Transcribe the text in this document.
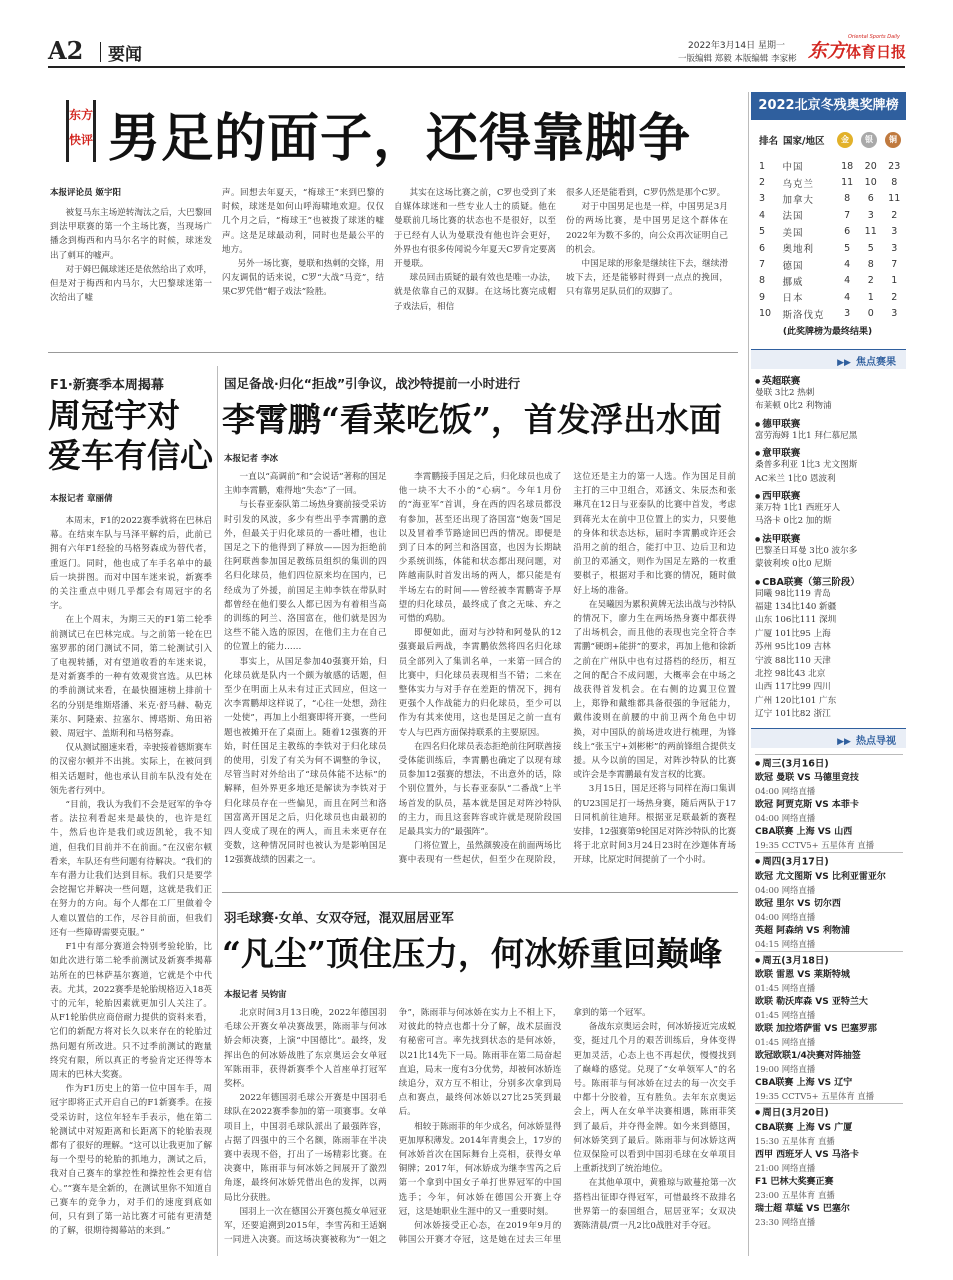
A2 要闻	2022年3月14日 星期一
一版编辑 郑毅 本版编辑 李家彬 东方体育日报
Oriental Sports Daily
东方
快评 男足的面子，还得靠脚争
本报评论员 姬宇阳

被复马东主场逆转淘汰之后，大巴黎回到法甲联赛的第一个主场比赛，当现场广播念到梅西和内马尔名字的时候，球迷发出了刺耳的嘘声。

对于姆巴佩球迷还是依然给出了欢呼，但是对于梅西和内马尔，大巴黎球迷第一次给出了嘘

声。回想去年夏天，“梅球王”来到巴黎的时候，球迷是如何山呼海啸地欢迎。仅仅几个月之后，“梅球王”也被拨了球迷的嘘声。这是足球最动利，同时也是最公平的地方。

另外一场比赛，曼联和热刺的交锋，用闪友调侃的话来说，C罗“大战”马竞”，结果C罗凭借“帽子戏法”险胜。

其实在这场比赛之前，C罗也受到了来自媒体球迷和一些专业人士的质疑。他在曼联前几场比赛的状态也不是很好，以至于已经有人认为曼联没有他也许会更好，外界也有很多传闻说今年夏天C罗肯定要离开曼联。

球员回击质疑的最有效也是唯一办法，就是依靠自己的双脚。在这场比赛完成帽子戏法后，相信

很多人还是能看到，C罗仍然是那个C罗。

对于中国男足也是一样，中国男足3月份的两场比赛，是中国男足这个群体在2022年为数不多的，向公众再次证明自己的机会。

中国足球的形象是继续往下去，继续滑坡下去，还是能够时得到一点点的挽回，只有靠男足队员们的双脚了。

F1·新赛季本周揭幕
周冠宇对
爱车有信心
本报记者 章丽倩

本周末，F1的2022赛季就将在巴林启幕。在结束车队与马泽平解约后，此前已拥有六年F1经验的马格努森成为替代者，重返门。同时，他也成了车手名单中的最后一块拼图。而对中国车迷来说，新赛季的关注重点中则几乎都会有周冠宇的名字。

在上个周末，为期三天的F1第二轮季前测试已在巴林完成。与之前第一轮在巴塞罗那的闭门测试不同，第二轮测试引入了电视转播，对有望道收看的车迷来说，是对新赛季的一种有效观赏宫选。从巴林的季前测试来看，在最快圈速榜上排前十名的分别是维斯塔潘、米克·舒马赫、勒克莱尔、阿隆索、拉塞尔、博塔斯、角田裕毅、周冠宇、盖斯利和马格努森。

仅从测试圈速来看，幸驶接着德斯赛车的汉密尔顿并不出挑。实际上，在被问到相关话题时，他也承认目前车队没有处在领先者行列中。

“目前，我认为我们不会是冠军的争夺者。法拉利看起来是最快的，也许是红牛，然后也许是我们或迈凯轮，我不知道，但我们目前并不在前面。”在汉密尔顿看来，车队还有些问题有待解决。“我们的车有潜力让我们达到目标。我们只是要学会挖掘它并解决一些问题，这就是我们正在努力的方向。每个人都在工厂里做着令人难以置信的工作，尽谷目前面，但我们还有一些障碍需要克服。”

F1中有部分赛道会特别考验轮胎，比如此次进行第二轮季前测试及新赛季揭幕站所在的巴林萨基尔赛道，它就是个中代表。尤其，2022赛季是轮胎规格迈入18英寸的元年，轮胎因素就更加引人关注了。从F1轮胎供应商倍耐力提供的资料来看，它们的新配方将对长久以来存在的轮胎过热问题有所改进。只不过季前测试的跑量终究有限，所以真正的考验肯定还得等本周末的巴林大奖赛。

作为F1历史上的第一位中国车手，周冠宇即将正式开启自己的F1新赛季。在接受采访时，这位年轻车手表示，他在第二轮测试中对短距离和长距离下的轮胎表现都有了很好的理解。“这可以让我更加了解每一个型号的轮胎的抓地力，测试之后，我对自己赛车的掌控性和操控性会更有信心。”“赛车是全新的，在测试里你不知道自己赛车的竞争力，对手们的速度到底如何，只有到了第一站比赛才可能有更清楚的了解，很期待揭幕站的来到。”

国足备战·归化“拒战”引争议，战沙特提前一小时进行
李霄鹏“看菜吃饭”，首发浮出水面
本报记者 李冰

一直以“高调前”和“会说话”著称的国足主帅李霄鹏，难得地“失态”了一回。

与长春亚泰队第二场热身赛前接受采访时引发的风波，多少有些出乎李霄鹏的意外，但最关于归化球员的一番吐槽，也让国足之下的他得到了释放——因为拒绝前往阿联酋参加国足教练员组织的集训的四名归化球员，他们四位原来均在国内，已经成为了外援，前国足主帅李铁在带队时都曾经在他们要么人都已因为有着相当高的训练的阿兰、洛国富在，他们就是因为这些不能入选的原因，在他们主力在自己的位置上的能力……

事实上，从国足参加40强赛开始，归化球员就是队内一个颇为敏感的话题，但至少在明面上从未有过正式回应，但这一次李霄鹏却这样说了，“心往一处想，劲往一处使”，再加上小组赛即将开赛，一些问题也被摊开在了桌面上。随着12强赛的开始，时任国足主教练的李铁对于归化球员的使用，引发了有关为何不调整的争议，尽管当时对外给出了“球员体能不达标”的解释，但外界更多地还是解读为李铁对于归化球员存在一些偏见，而且在阿兰和洛国富离开国足之后，归化球员也由最初的四人变成了现在的两人，而且未来更存在变数，这种情况同时也被认为是影响国足12强赛战绩的因素之一。

李霄鹏接手国足之后，归化球员也成了他一块不大不小的“心病”。今年1月份的“海亚军”首训，身在西的四名球员都没有参加，甚至还出现了洛国富“炮轰”国足以及冒着季节路途回巴西的情况。即便是到了日本的阿兰和洛国富，也因为长期缺少系统训练，体能和状态都出现问题，对阵越南队时首发出场的两人，都只能是有半场左右的时间——曾经被李霄鹏寄予厚望的归化球员，最终成了食之无味、弃之可惜的鸡肋。

即便如此，面对与沙特和阿曼队的12强赛最后两战，李霄鹏依然将四名归化球员全部列入了集训名单，一来第一回合的比赛中，归化球员表现相当不错；二来在整体实力与对手存在差距的情况下，拥有更强个人作战能力的归化球员，至少可以作为有其来使用，这也是国足之前一直有专人与巴西方面保持联系的主要原因。

在四名归化球员表态拒绝前往阿联酋接受体能训练后，李霄鹏也确定了以现有球员参加12强赛的想法，不出意外的话，除个别位置外，与长春亚泰队“二番战”上半场首发的队员，基本就是国足对阵沙特队的主力，而且这套阵容或许就是现阶段国足最具实力的“最强阵”。

门将位置上，虽然颜骏凌在前面两场比赛中表现有一些起伏，但至少在现阶段，这位还是主力的第一人选。作为国足目前主打的三中卫组合，邓涵文、朱辰杰和张琳芃在12日与亚泰队的比赛中首发，考虑到蒋光太在前中卫位置上的实力，只要他的身体和状态达标，届时李霄鹏或许还会沿用之前的组合，能打中卫、边后卫和边前卫的邓涵文，则作为国足左路的一枚重要棋子，根据对手和比赛的情况，随时做好上场的准备。

在吴曦因为累积黄牌无法出战与沙特队的情况下，廖力生在两场热身赛中都获得了出场机会，而且他的表现也完全符合李霄鹏“硬朗+能拼”的要求，再加上他和徐新之前在广州队中也有过搭档的经历，相互之间的配合不成问题，大概率会在中场之战获得首发机会。在右侧的边翼卫位置上，郑铮和戴维都具备很强的争冠能力，戴伟浚则在前腰的中前卫两个角色中切换，对中国队的前场进攻进行梳理，为锋线上“张玉宁+刘彬彬”的两前锋组合提供支援。从今以前的国足，对阵沙特队的比赛或许会是李霄鹏最有发言权的比赛。

3月15日，国足还将与同样在海口集训的U23国足打一场热身赛，随后两队于17日同机前往迪拜。根据亚足联最新的赛程安排，12强赛第9轮国足对阵沙特队的比赛将于北京时间3月24日23时在沙迦体育场开球，比原定时间提前了一个小时。

羽毛球赛·女单、女双夺冠，混双屈居亚军
“凡尘”顶住压力，何冰娇重回巅峰
本报记者 吴钧宙

北京时间3月13日晚，2022年德国羽毛球公开赛女单决赛战罢，陈雨菲与何冰娇会师决赛，上演“中国德比”。最终，发挥出色的何冰娇战胜了东京奥运会女单冠军陈雨菲，获得新赛季个人首座单打冠军奖杯。

2022年德国羽毛球公开赛是中国羽毛球队在2022赛季参加的第一项赛事。女单项目上，中国羽毛球队派出了最强阵容，占据了四强中的三个名额，陈雨菲在半决赛中表现不俗，打出了一场精彩比赛。在决赛中，陈雨菲与何冰娇之间展开了激烈角逐，最终何冰娇凭借出色的发挥，以两局比分获胜。

国羽上一次在德国公开赛包揽女单冠亚军，还要追溯到2015年，李雪芮和王适娴一同进入决赛。而这场决赛被称为“一姐之争”，陈雨菲与何冰娇在实力上不相上下，对彼此的特点也都十分了解，战术层面没有秘密可言。率先找到状态的是何冰娇，以21比14先下一局。陈雨菲在第二局奋起直追，局末一度有3分优势，却被何冰娇连续追分，双方互不相让，分别多次拿到局点和赛点，最终何冰娇以27比25笑到最后。

相较于陈雨菲的年少成名，何冰娇显得更加厚积薄发。2014年青奥会上，17岁的何冰娇首次在国际舞台上亮相，获得女单铜牌；2017年，何冰娇成为继李雪芮之后第一个拿到中国女子单打世界冠军的中国选手；今年，何冰娇在德国公开赛上夺冠，这是她职业生涯中的又一重要时刻。

何冰娇接受正心态，在2019年9月的韩国公开赛才夺冠，这是她在过去三年里拿到的第一个冠军。

备战东京奥运会时，何冰娇接近完成蜕变，挺过几个月的艰苦训练后，身体变得更加灵活，心态上也不再起伏，慢慢找到了巅峰的感觉。兑现了“女单领军人”的名号。陈雨菲与何冰娇在过去的每一次交手中都十分胶着，互有胜负。去年东京奥运会上，两人在女单半决赛相遇，陈雨菲笑到了最后，并夺得金牌。如今来到德国，何冰娇笑到了最后。陈雨菲与何冰娇这两位双保险可以看到中国羽毛球在女单项目上重新找到了统治地位。

在其他单项中，黄雅琼与欧蔓抢第一次搭档出征即夺得冠军，可惜最终不敌排名世界第一的泰国组合，屈居亚军；女双决赛陈清晨/贾一凡2比0战胜对手夺冠。

2022北京冬残奥奖牌榜
排名 国家/地区	金	银	铜
1	中国	18	20	23
2	乌克兰	11	10	8
3	加拿大	8	6	11
4	法国	7	3	2
5	美国	6	11	3
6	奥地利	5	5	3
7	德国	4	8	7
8	挪威	4	2	1
9	日本	4	1	2
10	斯洛伐克	3	0	3
(此奖牌榜为最终结果)
▶▶ 焦点赛果
● 英超联赛
曼联 3比2 热刺
布莱顿 0比2 利物浦
● 德甲联赛
富劳海姆 1比1 拜仁慕尼黑
● 意甲联赛
桑普多利亚 1比3 尤文图斯
AC米兰 1比0 恩波利
● 西甲联赛
莱万特 1比1 西班牙人
马洛卡 0比2 加的斯
● 法甲联赛
巴黎圣日耳曼 3比0 波尔多
蒙彼利埃 0比0 尼斯
● CBA联赛（第三阶段）
同曦 98比119 青岛
福建 134比140 新疆
山东 106比111 深圳
广厦 101比95 上海
苏州 95比109 吉林
宁波 88比110 天津
北控 98比43 北京
山西 117比99 四川
广州 120比101 广东
辽宁 101比82 浙江
▶▶ 热点导视
● 周三(3月16日)
欧冠 曼联 VS 马德里竞技
04:00 网络直播
欧冠 阿贾克斯 VS 本菲卡
04:00 网络直播
CBA联赛 上海 VS 山西
19:35 CCTV5+ 五星体育 直播
● 周四(3月17日)
欧冠 尤文图斯 VS 比利亚雷亚尔
04:00 网络直播
欧冠 里尔 VS 切尔西
04:00 网络直播
英超 阿森纳 VS 利物浦
04:15 网络直播
● 周五(3月18日)
欧联 雷恩 VS 莱斯特城
01:45 网络直播
欧联 勒沃库森 VS 亚特兰大
01:45 网络直播
欧联 加拉塔萨雷 VS 巴塞罗那
01:45 网络直播
欧冠欧联1/4决赛对阵抽签
19:00 网络直播
CBA联赛 上海 VS 辽宁
19:35 CCTV5+ 五星体育 直播
● 周日(3月20日)
CBA联赛 上海 VS 广厦
15:30 五星体育 直播
西甲 西班牙人 VS 马洛卡
21:00 网络直播
F1 巴林大奖赛正赛
23:00 五星体育 直播
瑞士超 草蜢 VS 巴塞尔
23:30 网络直播
